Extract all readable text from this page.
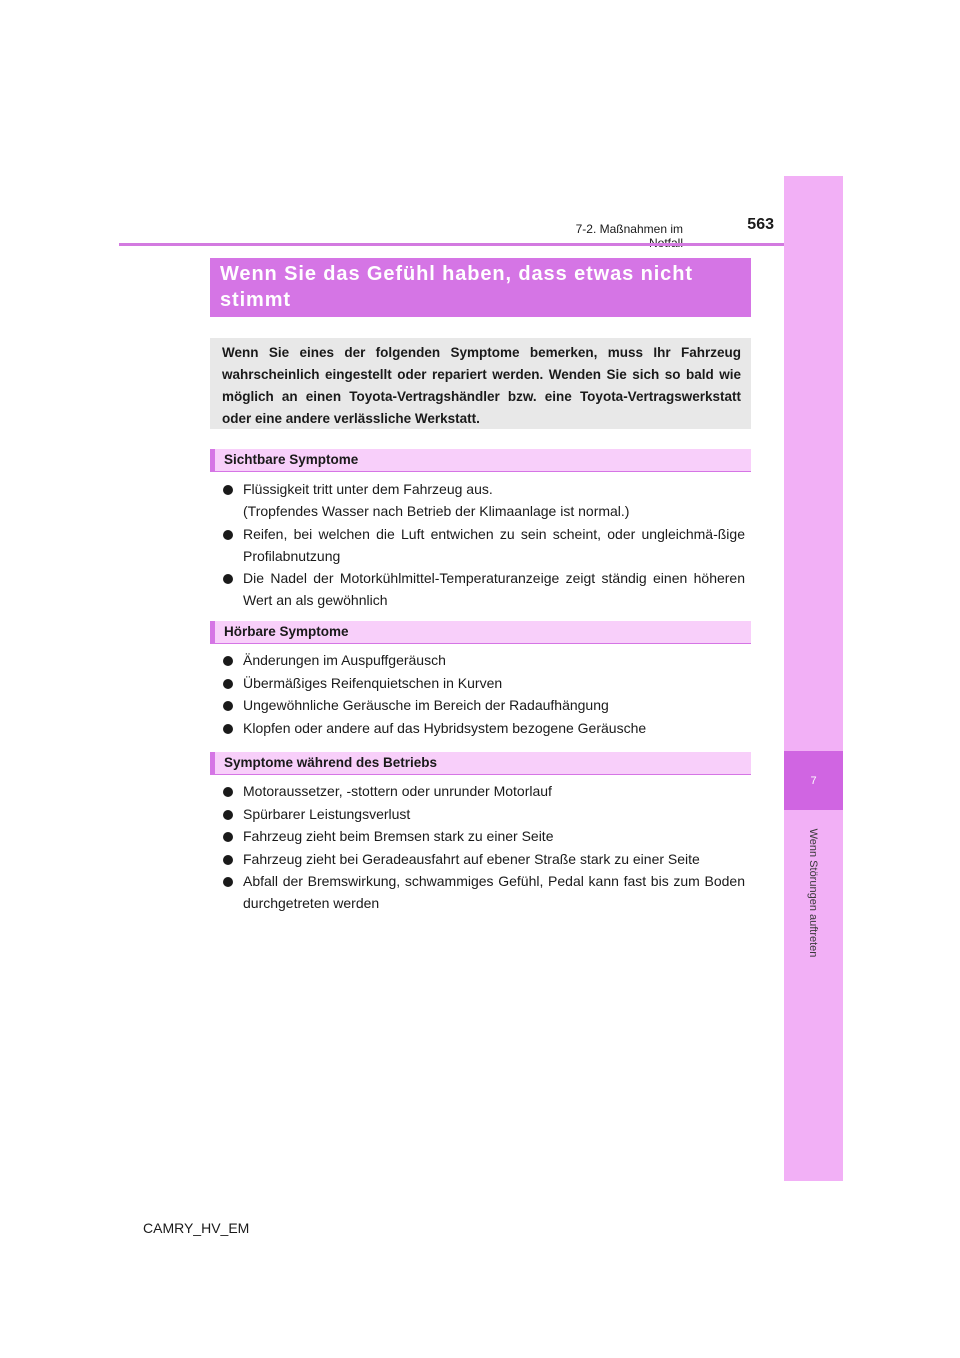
7-2. Maßnahmen im	563
7
Wenn Störungen auftreten
Wenn Sie das Gefühl haben, dass etwas nicht stimmt

Wenn Sie eines der folgenden Symptome bemerken, muss Ihr Fahrzeug wahrscheinlich eingestellt oder repariert werden. Wenden Sie sich so bald wie möglich an einen Toyota-Vertragshändler bzw. eine Toyota-Vertragswerkstatt oder eine andere verlässliche Werkstatt.

Sichtbare Symptome
Flüssigkeit tritt unter dem Fahrzeug aus.
(Tropfendes Wasser nach Betrieb der Klimaanlage ist normal.)
Reifen, bei welchen die Luft entwichen zu sein scheint, oder ungleichmä-ßige Profilabnutzung
Die Nadel der Motorkühlmittel-Temperaturanzeige zeigt ständig einen höheren Wert an als gewöhnlich
Hörbare Symptome
Änderungen im Auspuffgeräusch
Übermäßiges Reifenquietschen in Kurven
Ungewöhnliche Geräusche im Bereich der Radaufhängung
Klopfen oder andere auf das Hybridsystem bezogene Geräusche
Symptome während des Betriebs
Motoraussetzer, -stottern oder unrunder Motorlauf
Spürbarer Leistungsverlust
Fahrzeug zieht beim Bremsen stark zu einer Seite
Fahrzeug zieht bei Geradeausfahrt auf ebener Straße stark zu einer Seite
Abfall der Bremswirkung, schwammiges Gefühl, Pedal kann fast bis zum Boden durchgetreten werden
CAMRY_HV_EM
